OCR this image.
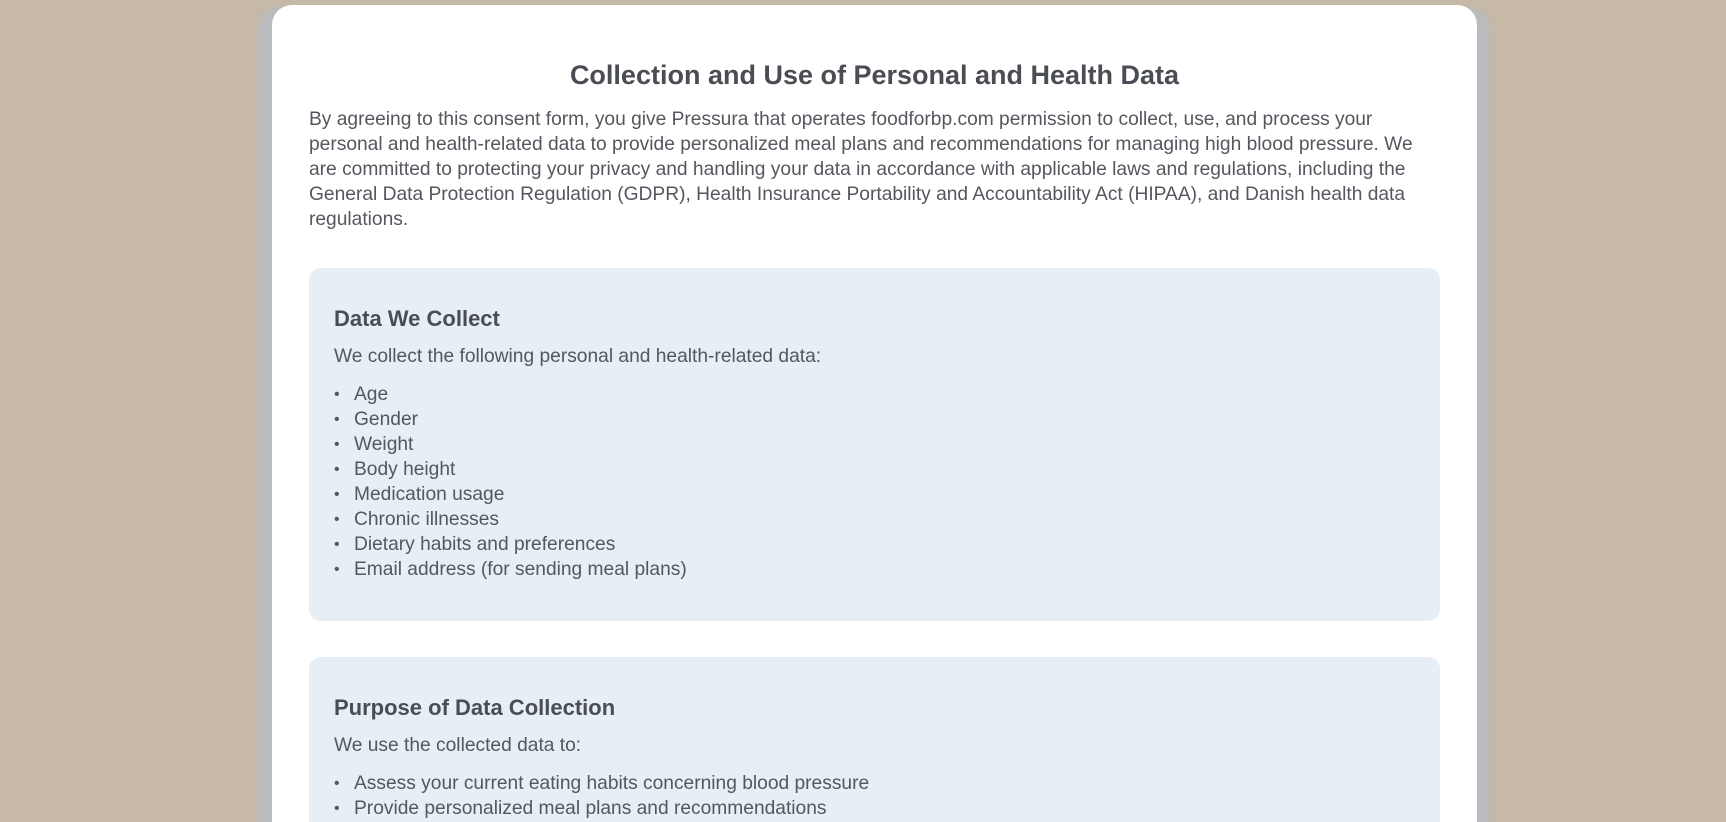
Collection and Use of Personal and Health Data

By agreeing to this consent form, you give Pressura that operates foodforbp.com permission to collect, use, and process your personal and health-related data to provide personalized meal plans and recommendations for managing high blood pressure. We are committed to protecting your privacy and handling your data in accordance with applicable laws and regulations, including the General Data Protection Regulation (GDPR), Health Insurance Portability and Accountability Act (HIPAA), and Danish health data regulations.

Data We Collect

We collect the following personal and health-related data:

• Age
• Gender
• Weight
• Body height
• Medication usage
• Chronic illnesses
• Dietary habits and preferences
• Email address (for sending meal plans)
Purpose of Data Collection

We use the collected data to:

• Assess your current eating habits concerning blood pressure
• Provide personalized meal plans and recommendations
